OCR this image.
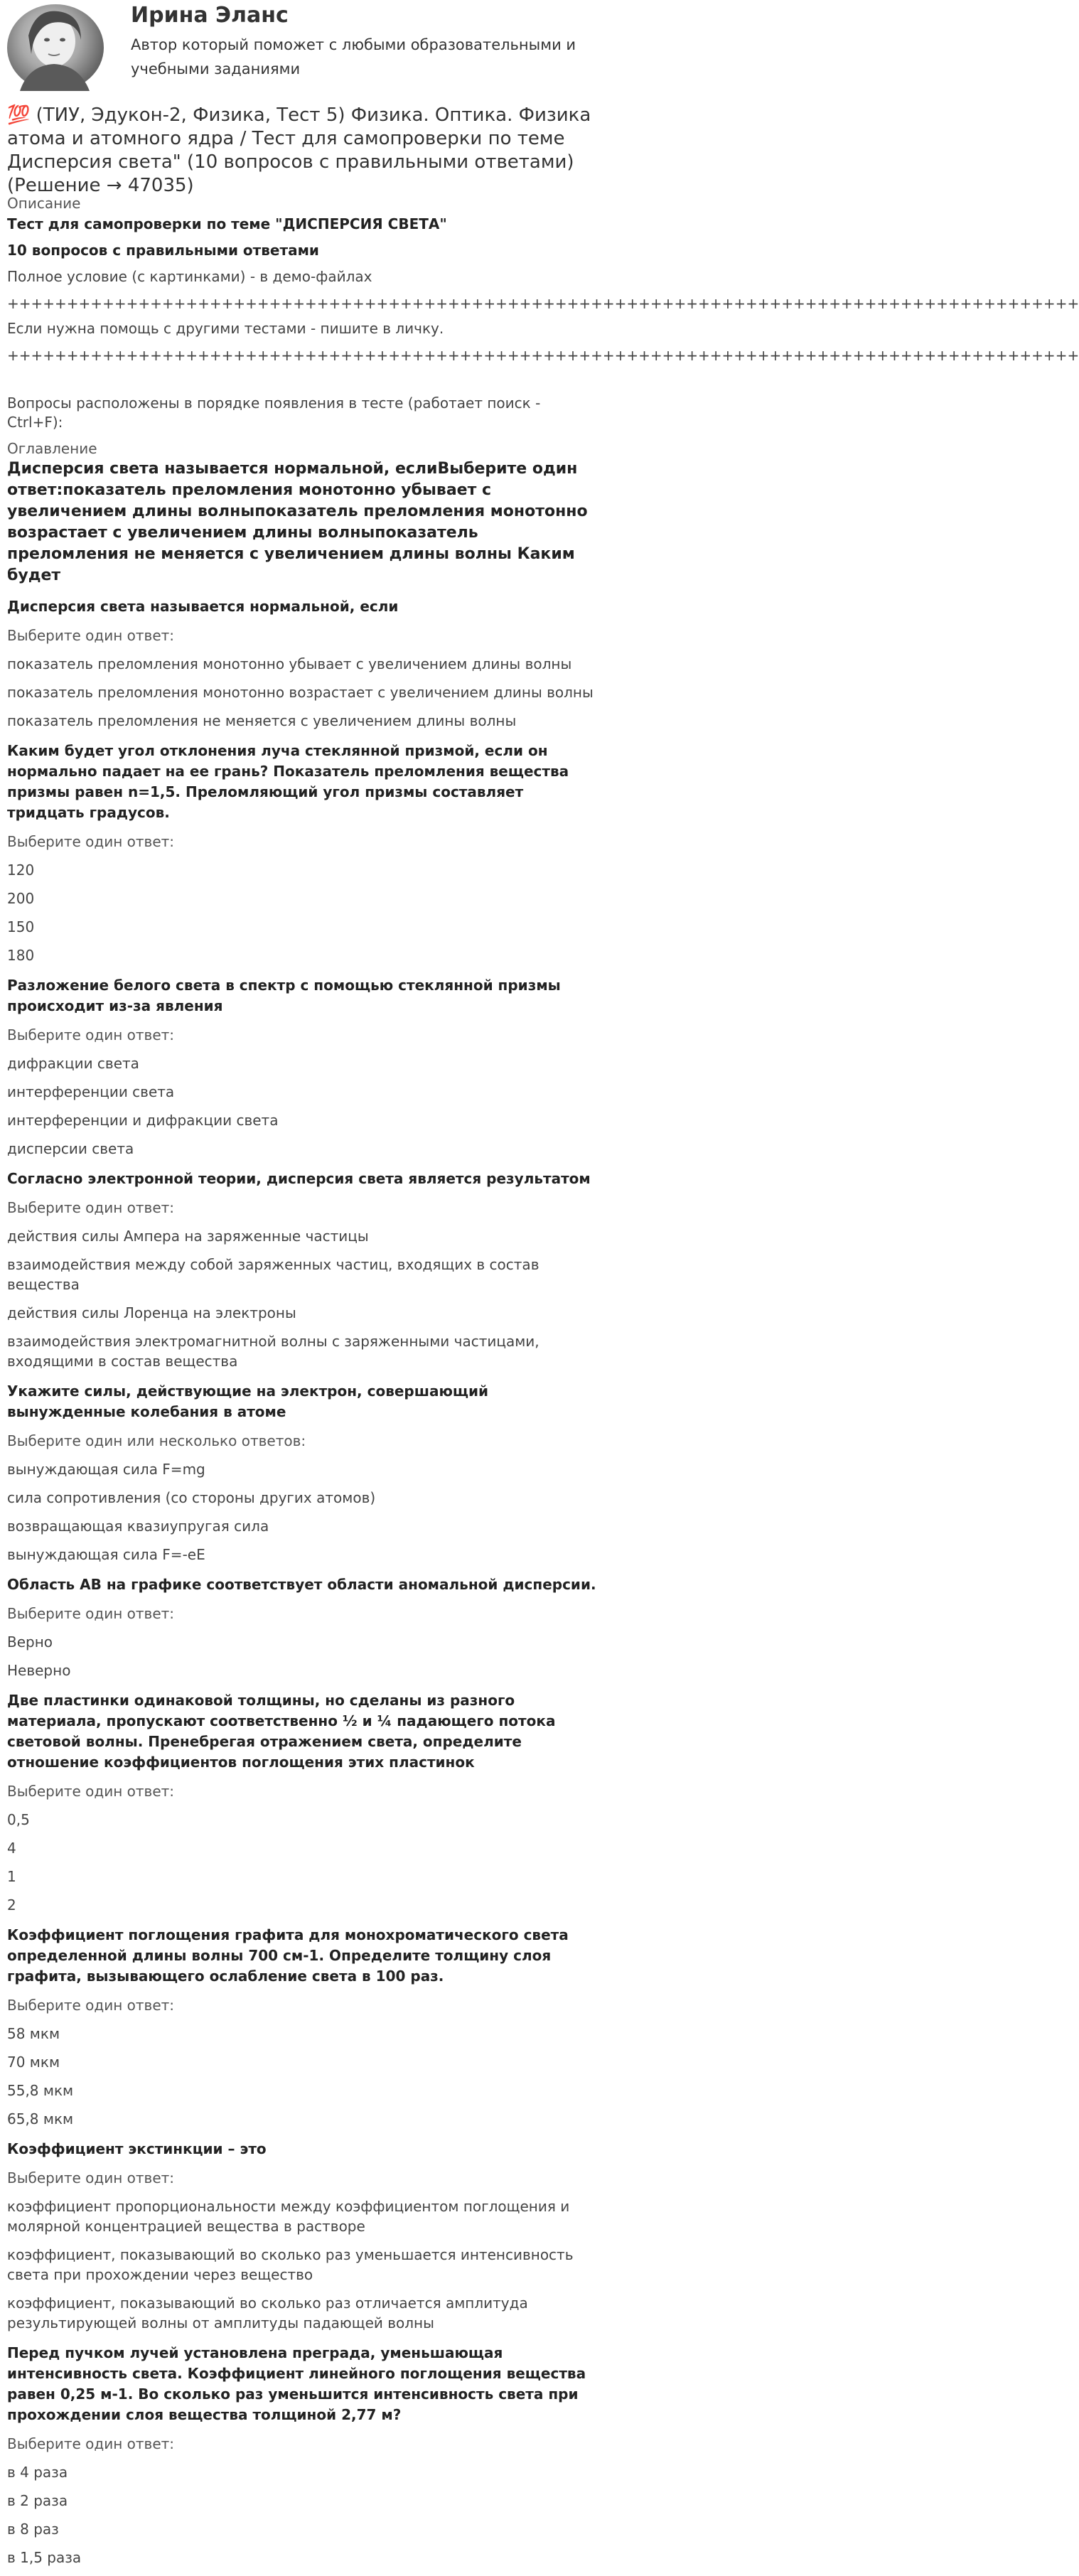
Ирина Эланс
Автор который поможет с любыми образовательными и учебными заданиями
💯 (ТИУ, Эдукон-2, Физика, Тест 5) Физика. Оптика. Физика атома и атомного ядра / Тест для самопроверки по теме Дисперсия света" (10 вопросов с правильными ответами) (Решение → 47035)
Описание
Тест для самопроверки по теме "ДИСПЕРСИЯ СВЕТА"
10 вопросов с правильными ответами
Полное условие (с картинками) - в демо-файлах
++++++++++++++++++++++++++++++++++++++++++++++++++++++++++++++++++++++++++++++++++++++++++
Если нужна помощь с другими тестами - пишите в личку.
++++++++++++++++++++++++++++++++++++++++++++++++++++++++++++++++++++++++++++++++++++++++++
Вопросы расположены в порядке появления в тесте (работает поиск - Ctrl+F):
Оглавление
Дисперсия света называется нормальной, еслиВыберите один ответ:показатель преломления монотонно убывает с увеличением длины волныпоказатель преломления монотонно возрастает с увеличением длины волныпоказатель преломления не меняется с увеличением длины волны Каким будет
Дисперсия света называется нормальной, если
Выберите один ответ:
показатель преломления монотонно убывает с увеличением длины волны
показатель преломления монотонно возрастает с увеличением длины волны
показатель преломления не меняется с увеличением длины волны
Каким будет угол отклонения луча стеклянной призмой, если он нормально падает на ее грань? Показатель преломления вещества призмы равен n=1,5. Преломляющий угол призмы составляет тридцать градусов.
Выберите один ответ:
120
200
150
180
Разложение белого света в спектр с помощью стеклянной призмы происходит из-за явления
Выберите один ответ:
дифракции света
интерференции света
интерференции и дифракции света
дисперсии света
Согласно электронной теории, дисперсия света является результатом
Выберите один ответ:
действия силы Ампера на заряженные частицы
взаимодействия между собой заряженных частиц, входящих в состав вещества
действия силы Лоренца на электроны
взаимодействия электромагнитной волны с заряженными частицами, входящими в состав вещества
Укажите силы, действующие на электрон, совершающий вынужденные колебания в атоме
Выберите один или несколько ответов:
вынуждающая сила F=mg
сила сопротивления (со стороны других атомов)
возвращающая квазиупругая сила
вынуждающая сила F=-eE
Область АВ на графике соответствует области аномальной дисперсии.
Выберите один ответ:
Верно
Неверно
Две пластинки одинаковой толщины, но сделаны из разного материала, пропускают соответственно ½ и ¼ падающего потока световой волны. Пренебрегая отражением света, определите отношение коэффициентов поглощения этих пластинок
Выберите один ответ:
0,5
4
1
2
Коэффициент поглощения графита для монохроматического света определенной длины волны 700 см-1. Определите толщину слоя графита, вызывающего ослабление света в 100 раз.
Выберите один ответ:
58 мкм
70 мкм
55,8 мкм
65,8 мкм
Коэффициент экстинкции – это
Выберите один ответ:
коэффициент пропорциональности между коэффициентом поглощения и молярной концентрацией вещества в растворе
коэффициент, показывающий во сколько раз уменьшается интенсивность света при прохождении через вещество
коэффициент, показывающий во сколько раз отличается амплитуда результирующей волны от амплитуды падающей волны
Перед пучком лучей установлена преграда, уменьшающая интенсивность света. Коэффициент линейного поглощения вещества равен 0,25 м-1. Во сколько раз уменьшится интенсивность света при прохождении слоя вещества толщиной 2,77 м?
Выберите один ответ:
в 4 раза
в 2 раза
в 8 раз
в 1,5 раза
